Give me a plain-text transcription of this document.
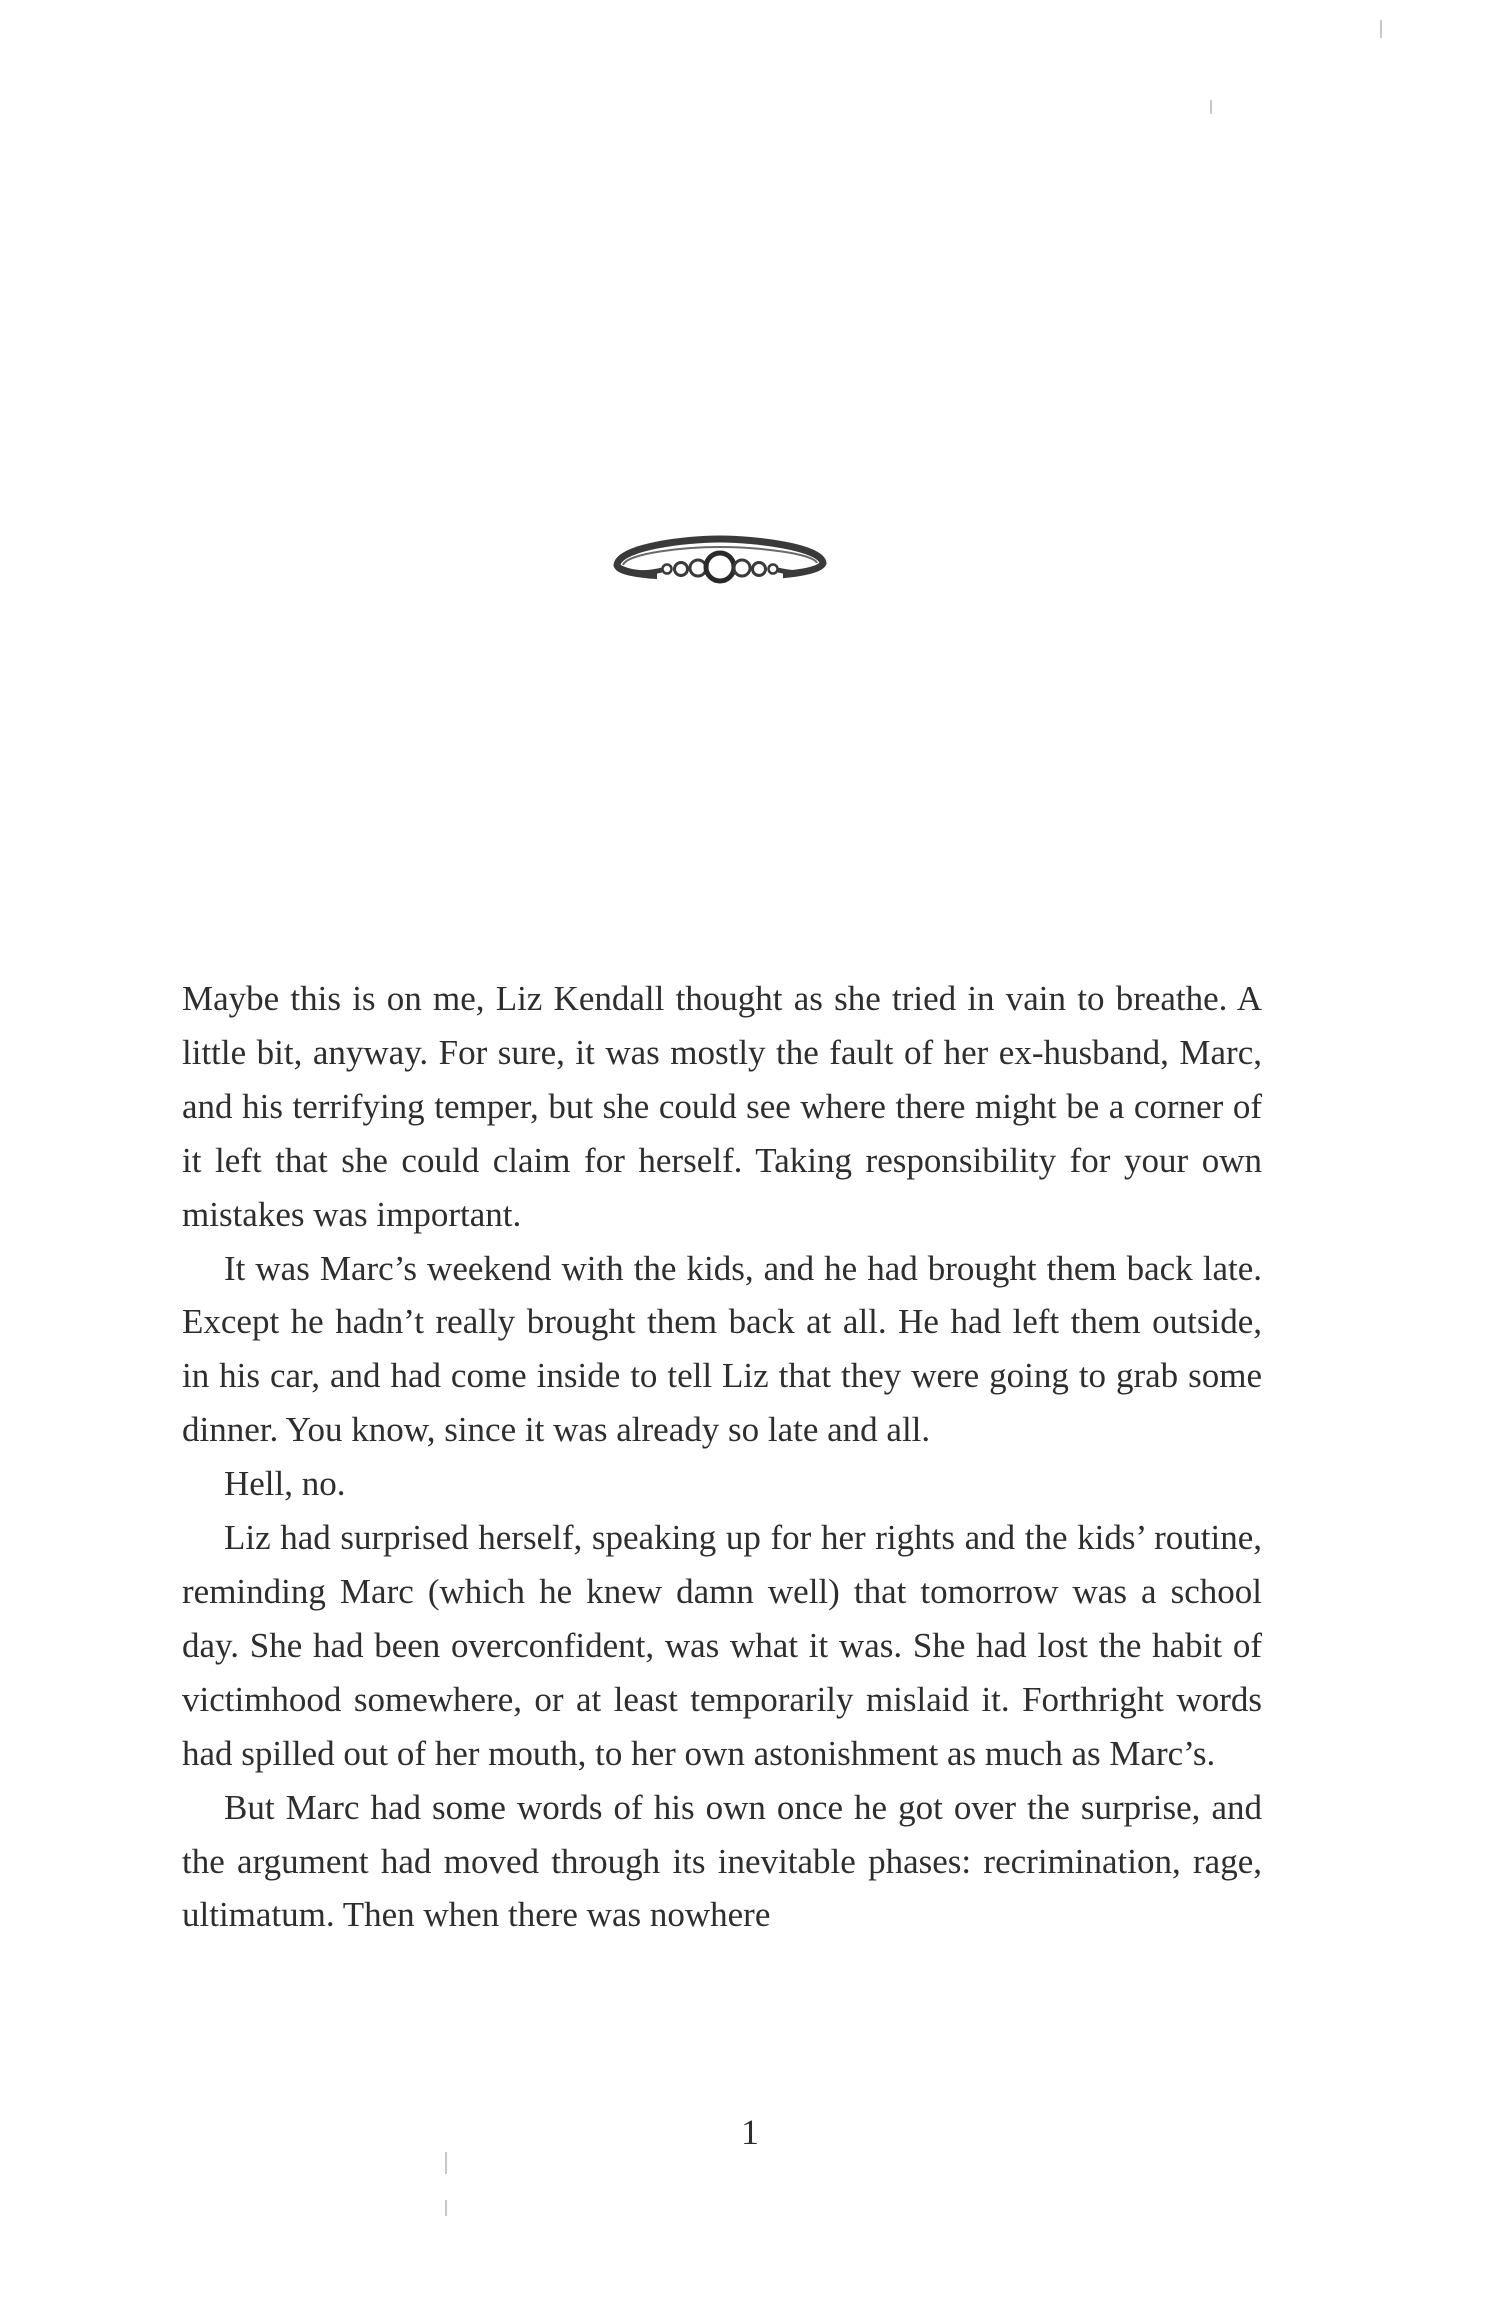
Maybe this is on me, Liz Kendall thought as she tried in vain to breathe. A little bit, anyway. For sure, it was mostly the fault of her ex-husband, Marc, and his terrifying temper, but she could see where there might be a corner of it left that she could claim for herself. Taking responsibility for your own mistakes was important.

It was Marc’s weekend with the kids, and he had brought them back late. Except he hadn’t really brought them back at all. He had left them outside, in his car, and had come inside to tell Liz that they were going to grab some dinner. You know, since it was already so late and all.

Hell, no.

Liz had surprised herself, speaking up for her rights and the kids’ routine, reminding Marc (which he knew damn well) that tomorrow was a school day. She had been overconfident, was what it was. She had lost the habit of victimhood somewhere, or at least temporarily mislaid it. Forthright words had spilled out of her mouth, to her own astonishment as much as Marc’s.

But Marc had some words of his own once he got over the surprise, and the argument had moved through its inevitable phases: recrimination, rage, ultimatum. Then when there was nowhere

1
